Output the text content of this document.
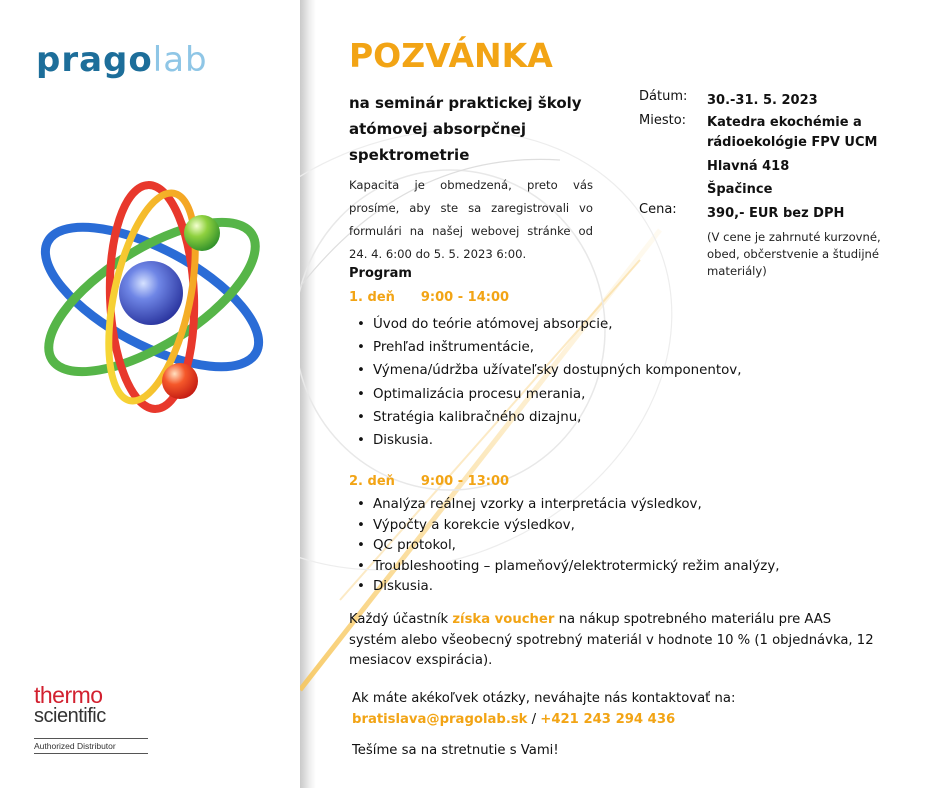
pragolab
thermo
scientific
Authorized Distributor
POZVÁNKA
na seminár praktickej školy atómovej absorpčnej spektrometrie
Kapacita je obmedzená, preto vás prosíme, aby ste sa zaregistrovali vo formulári na našej webovej stránke od 24. 4. 6:00 do 5. 5. 2023 6:00.
Dátum:	30.-31. 5. 2023
Miesto:	Katedra ekochémie a rádioekológie FPV UCM
Hlavná 418
Špačince
Cena:	390,- EUR bez DPH
(V cene je zahrnuté kurzovné, obed, občerstvenie a študijné materiály)
Program
1. deň 9:00 - 14:00
• Úvod do teórie atómovej absorpcie,
• Prehľad inštrumentácie,
• Výmena/údržba užívateľsky dostupných komponentov,
• Optimalizácia procesu merania,
• Stratégia kalibračného dizajnu,
• Diskusia.
2. deň 9:00 - 13:00
• Analýza reálnej vzorky a interpretácia výsledkov,
• Výpočty a korekcie výsledkov,
• QC protokol,
• Troubleshooting – plameňový/elektrotermický režim analýzy,
• Diskusia.
Každý účastník získa voucher na nákup spotrebného materiálu pre AAS systém alebo všeobecný spotrebný materiál v hodnote 10 % (1 objednávka, 12 mesiacov exspirácia).
Ak máte akékoľvek otázky, neváhajte nás kontaktovať na:
bratislava@pragolab.sk / +421 243 294 436
Tešíme sa na stretnutie s Vami!
